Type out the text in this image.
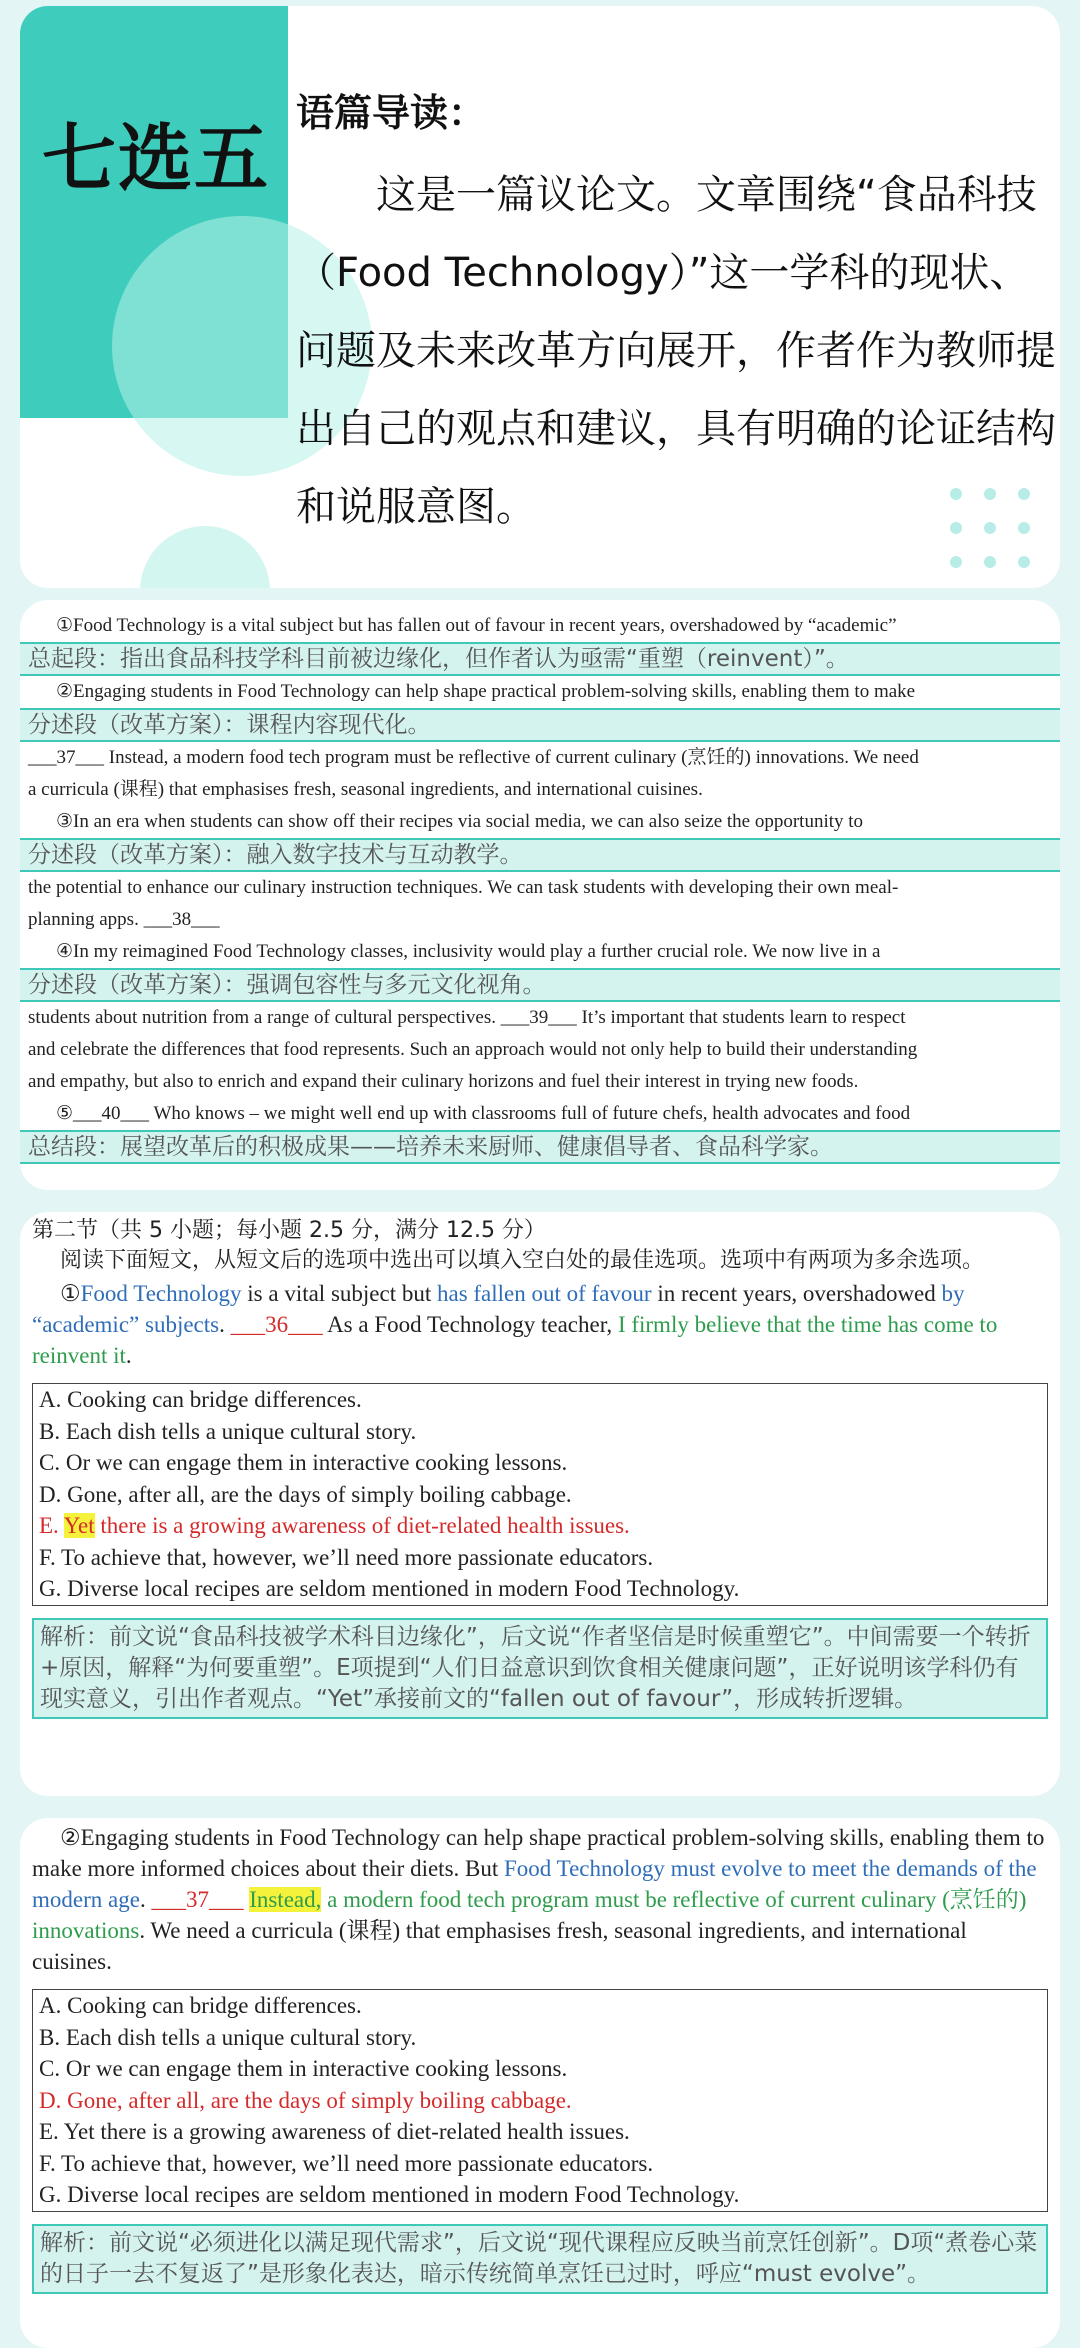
七选五
语篇导读：
这是一篇议论文。文章围绕“食品科技（Food Technology）”这一学科的现状、问题及未来改革方向展开，作者作为教师提出自己的观点和建议，具有明确的论证结构和说服意图。
①Food Technology is a vital subject but has fallen out of favour in recent years, overshadowed by “academic”
总起段：指出食品科技学科目前被边缘化，但作者认为亟需“重塑（reinvent）”。
②Engaging students in Food Technology can help shape practical problem-solving skills, enabling them to make
分述段（改革方案）：课程内容现代化。
___37___ Instead, a modern food tech program must be reflective of current culinary (烹饪的) innovations. We need
a curricula (课程) that emphasises fresh, seasonal ingredients, and international cuisines.
③In an era when students can show off their recipes via social media, we can also seize the opportunity to
分述段（改革方案）：融入数字技术与互动教学。
the potential to enhance our culinary instruction techniques. We can task students with developing their own meal-
planning apps. ___38___
④In my reimagined Food Technology classes, inclusivity would play a further crucial role. We now live in a
分述段（改革方案）：强调包容性与多元文化视角。
students about nutrition from a range of cultural perspectives. ___39___ It’s important that students learn to respect
and celebrate the differences that food represents. Such an approach would not only help to build their understanding
and empathy, but also to enrich and expand their culinary horizons and fuel their interest in trying new foods.
⑤___40___ Who knows – we might well end up with classrooms full of future chefs, health advocates and food
总结段：展望改革后的积极成果——培养未来厨师、健康倡导者、食品科学家。
第二节（共 5 小题；每小题 2.5 分，满分 12.5 分）
阅读下面短文，从短文后的选项中选出可以填入空白处的最佳选项。选项中有两项为多余选项。
①Food Technology is a vital subject but has fallen out of favour in recent years, overshadowed by “academic” subjects. ___36___ As a Food Technology teacher, I firmly believe that the time has come to reinvent it.
A. Cooking can bridge differences.
B. Each dish tells a unique cultural story.
C. Or we can engage them in interactive cooking lessons.
D. Gone, after all, are the days of simply boiling cabbage.
E. Yet there is a growing awareness of diet-related health issues.
F. To achieve that, however, we’ll need more passionate educators.
G. Diverse local recipes are seldom mentioned in modern Food Technology.
解析：前文说“食品科技被学术科目边缘化”，后文说“作者坚信是时候重塑它”。中间需要一个转折+原因，解释“为何要重塑”。E项提到“人们日益意识到饮食相关健康问题”，正好说明该学科仍有现实意义，引出作者观点。“Yet”承接前文的“fallen out of favour”，形成转折逻辑。
②Engaging students in Food Technology can help shape practical problem-solving skills, enabling them to make more informed choices about their diets. But Food Technology must evolve to meet the demands of the modern age. ___37___ Instead, a modern food tech program must be reflective of current culinary (烹饪的) innovations. We need a curricula (课程) that emphasises fresh, seasonal ingredients, and international cuisines.
A. Cooking can bridge differences.
B. Each dish tells a unique cultural story.
C. Or we can engage them in interactive cooking lessons.
D. Gone, after all, are the days of simply boiling cabbage.
E. Yet there is a growing awareness of diet-related health issues.
F. To achieve that, however, we’ll need more passionate educators.
G. Diverse local recipes are seldom mentioned in modern Food Technology.
解析：前文说“必须进化以满足现代需求”，后文说“现代课程应反映当前烹饪创新”。D项“煮卷心菜的日子一去不复返了”是形象化表达，暗示传统简单烹饪已过时，呼应“must evolve”。
